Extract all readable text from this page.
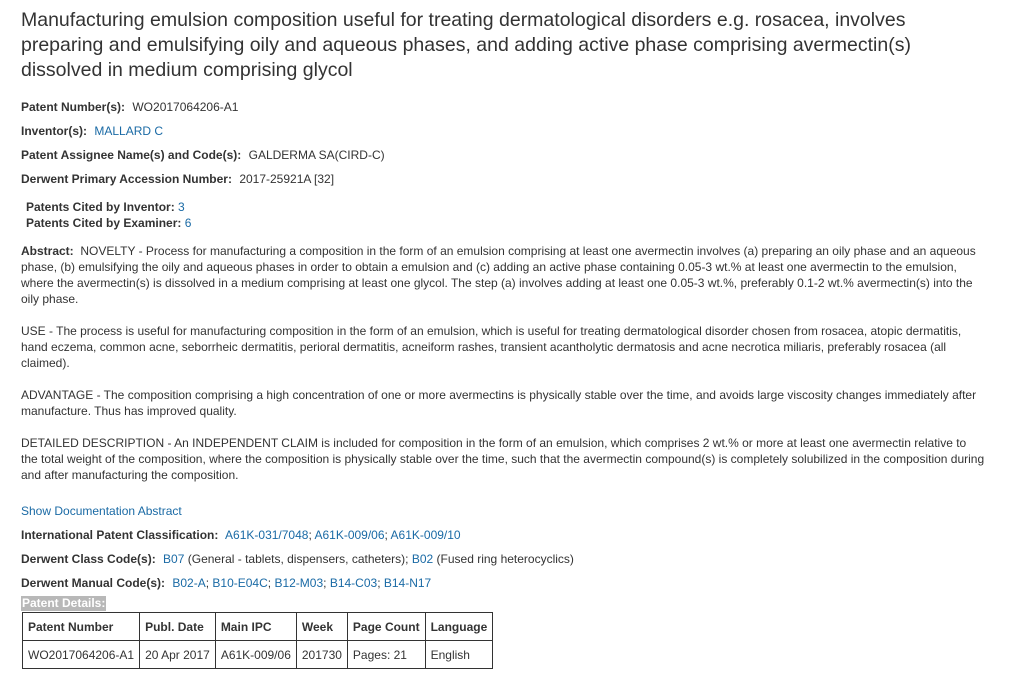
Manufacturing emulsion composition useful for treating dermatological disorders e.g. rosacea, involves preparing and emulsifying oily and aqueous phases, and adding active phase comprising avermectin(s) dissolved in medium comprising glycol
Patent Number(s): WO2017064206-A1
Inventor(s): MALLARD C
Patent Assignee Name(s) and Code(s): GALDERMA SA(CIRD-C)
Derwent Primary Accession Number: 2017-25921A [32]
Patents Cited by Inventor: 3
Patents Cited by Examiner: 6

Abstract: NOVELTY - Process for manufacturing a composition in the form of an emulsion comprising at least one avermectin involves (a) preparing an oily phase and an aqueous phase, (b) emulsifying the oily and aqueous phases in order to obtain a emulsion and (c) adding an active phase containing 0.05-3 wt.% at least one avermectin to the emulsion, where the avermectin(s) is dissolved in a medium comprising at least one glycol. The step (a) involves adding at least one 0.05-3 wt.%, preferably 0.1-2 wt.% avermectin(s) into the oily phase.

USE - The process is useful for manufacturing composition in the form of an emulsion, which is useful for treating dermatological disorder chosen from rosacea, atopic dermatitis, hand eczema, common acne, seborrheic dermatitis, perioral dermatitis, acneiform rashes, transient acantholytic dermatosis and acne necrotica miliaris, preferably rosacea (all claimed).

ADVANTAGE - The composition comprising a high concentration of one or more avermectins is physically stable over the time, and avoids large viscosity changes immediately after manufacture. Thus has improved quality.

DETAILED DESCRIPTION - An INDEPENDENT CLAIM is included for composition in the form of an emulsion, which comprises 2 wt.% or more at least one avermectin relative to the total weight of the composition, where the composition is physically stable over the time, such that the avermectin compound(s) is completely solubilized in the composition during and after manufacturing the composition.

Show Documentation Abstract
International Patent Classification: A61K-031/7048; A61K-009/06; A61K-009/10
Derwent Class Code(s): B07 (General - tablets, dispensers, catheters); B02 (Fused ring heterocyclics)
Derwent Manual Code(s): B02-A; B10-E04C; B12-M03; B14-C03; B14-N17
Patent Details:
Patent Number	Publ. Date	Main IPC	Week	Page Count	Language
WO2017064206-A1	20 Apr 2017	A61K-009/06	201730	Pages: 21	English
